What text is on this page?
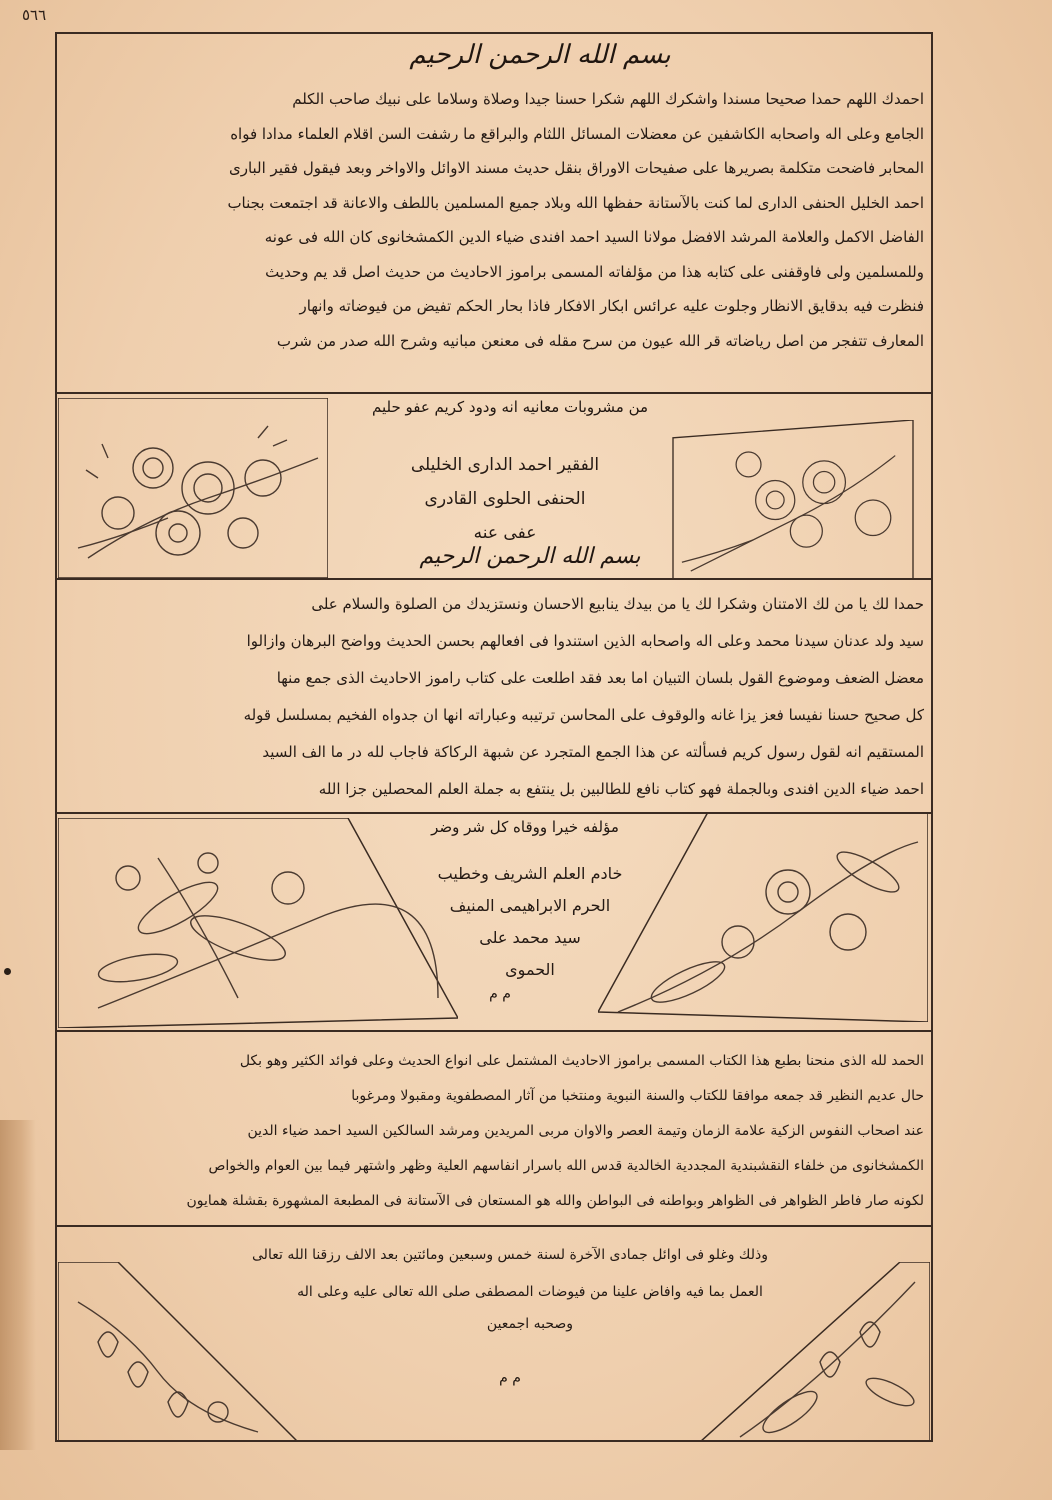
٥٦٦
بسم الله الرحمن الرحيم

احمدك اللهم حمدا صحيحا مسندا واشكرك اللهم شكرا حسنا جيدا وصلاة وسلاما على نبيك صاحب الكلم

الجامع وعلى اله واصحابه الكاشفين عن معضلات المسائل اللثام والبراقع ما رشفت السن اقلام العلماء مدادا فواه

المحابر فاضحت متكلمة بصريرها على صفيحات الاوراق بنقل حديث مسند الاوائل والاواخر وبعد فيقول فقير البارى

احمد الخليل الحنفى الدارى لما كنت بالآستانة حفظها الله وبلاد جميع المسلمين باللطف والاعانة قد اجتمعت بجناب

الفاضل الاكمل والعلامة المرشد الافضل مولانا السيد احمد افندى ضياء الدين الكمشخانوى كان الله فى عونه

وللمسلمين ولى فاوقفنى على كتابه هذا من مؤلفاته المسمى براموز الاحاديث من حديث اصل قد يم وحديث

فنظرت فيه بدقايق الانظار وجلوت عليه عرائس ابكار الافكار فاذا بحار الحكم تفيض من فيوضاته وانهار

المعارف تتفجر من اصل رياضاته قر الله عيون من سرح مقله فى معنعن مبانيه وشرح الله صدر من شرب

من مشروبات معانيه انه ودود كريم عفو حليم
الفقير احمد الدارى الخليلى
الحنفى الحلوى القادرى
عفى عنه
بسم الله الرحمن الرحيم

حمدا لك يا من لك الامتنان وشكرا لك يا من بيدك ينابيع الاحسان ونستزيدك من الصلوة والسلام على

سيد ولد عدنان سيدنا محمد وعلى اله واصحابه الذين استندوا فى افعالهم بحسن الحديث وواضح البرهان وازالوا

معضل الضعف وموضوع القول بلسان التبيان اما بعد فقد اطلعت على كتاب راموز الاحاديث الذى جمع منها

كل صحيح حسنا نفيسا فعز يزا غانه والوقوف على المحاسن ترتيبه وعباراته انها ان جدواه الفخيم بمسلسل قوله

المستقيم انه لقول رسول كريم فسألته عن هذا الجمع المتجرد عن شبهة الركاكة فاجاب لله در ما الف السيد

احمد ضياء الدين افندى وبالجملة فهو كتاب نافع للطالبين بل ينتفع به جملة العلم المحصلين جزا الله

مؤلفه خيرا ووقاه كل شر وضر
خادم العلم الشريف وخطيب
الحرم الابراهيمى المنيف
سيد محمد على
الحموى
م م

الحمد لله الذى منحنا بطبع هذا الكتاب المسمى براموز الاحاديث المشتمل على انواع الحديث وعلى فوائد الكثير وهو بكل

حال عديم النظير قد جمعه موافقا للكتاب والسنة النبوية ومنتخبا من آثار المصطفوية ومقبولا ومرغوبا

عند اصحاب النفوس الزكية علامة الزمان وتيمة العصر والاوان مربى المريدين ومرشد السالكين السيد احمد ضياء الدين

الكمشخانوى من خلفاء النقشبندية المجددية الخالدية قدس الله باسرار انفاسهم العلية وظهر واشتهر فيما بين العوام والخواص

لكونه صار فاطر الظواهر فى الظواهر وبواطنه فى البواطن والله هو المستعان فى الآستانة فى المطبعة المشهورة بقشلة همايون

وذلك وغلو فى اوائل جمادى الآخرة لسنة خمس وسبعين ومائتين بعد الالف رزقنا الله تعالى

العمل بما فيه وافاض علينا من فيوضات المصطفى صلى الله تعالى عليه وعلى اله
وصحبه اجمعين
م م
